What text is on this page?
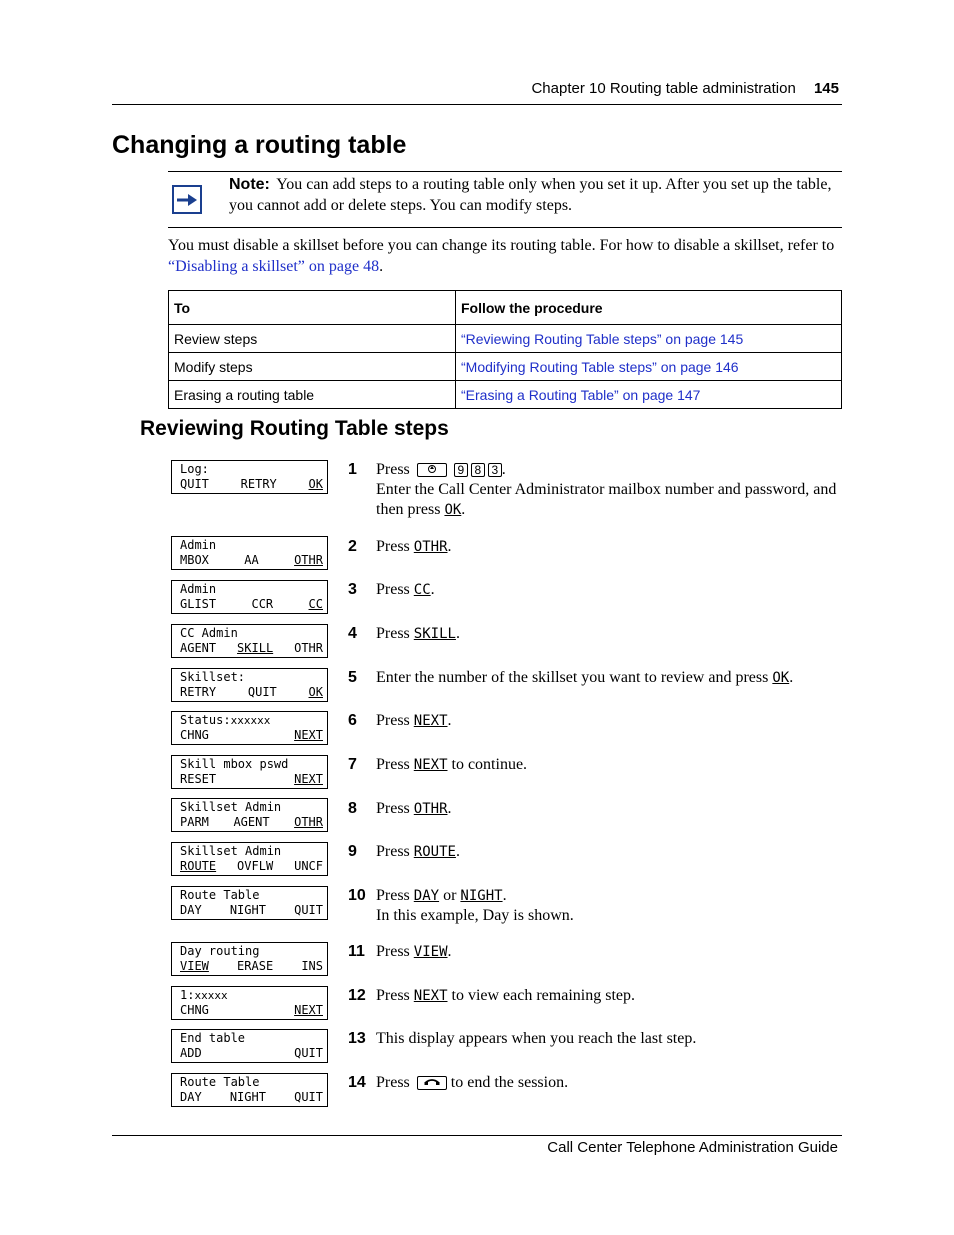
Chapter 10 Routing table administration 145
Changing a routing table
Note: You can add steps to a routing table only when you set it up. After you set up the table, you cannot add or delete steps. You can modify steps.
You must disable a skillset before you can change its routing table. For how to disable a skillset, refer to “Disabling a skillset” on page 48.
To	Follow the procedure
Review steps	“Reviewing Routing Table steps” on page 145
Modify steps	“Modifying Routing Table steps” on page 146
Erasing a routing table	“Erasing a Routing Table” on page 147
Reviewing Routing Table steps
Log:
QUIT	RETRY	OK
Admin
MBOX	AA	OTHR
Admin
GLIST	CCR	CC
CC Admin
AGENT SKILL OTHR
Skillset:
RETRY	QUIT	OK
Status:xxxxxx
CHNG	NEXT
Skill mbox pswd
RESET	NEXT
Skillset Admin
PARM AGENT OTHR
Skillset Admin
ROUTE OVFLW UNCF
Route Table
DAY NIGHT QUIT
Day routing
VIEW ERASE INS
1:xxxxx
CHNG	NEXT
End table
ADD	QUIT
Route Table
DAY NIGHT QUIT
1 Press	9 8 3 .
Enter the Call Center Administrator mailbox number and password, and then press OK.
2 Press OTHR.
3 Press CC.
4 Press SKILL.
5 Enter the number of the skillset you want to review and press OK.
6 Press NEXT.
7 Press NEXT to continue.
8 Press OTHR.
9 Press ROUTE.
10 Press DAY or NIGHT.
In this example, Day is shown.
11 Press VIEW.
12 Press NEXT to view each remaining step.
13 This display appears when you reach the last step.
14 Press	to end the session.
Call Center Telephone Administration Guide
